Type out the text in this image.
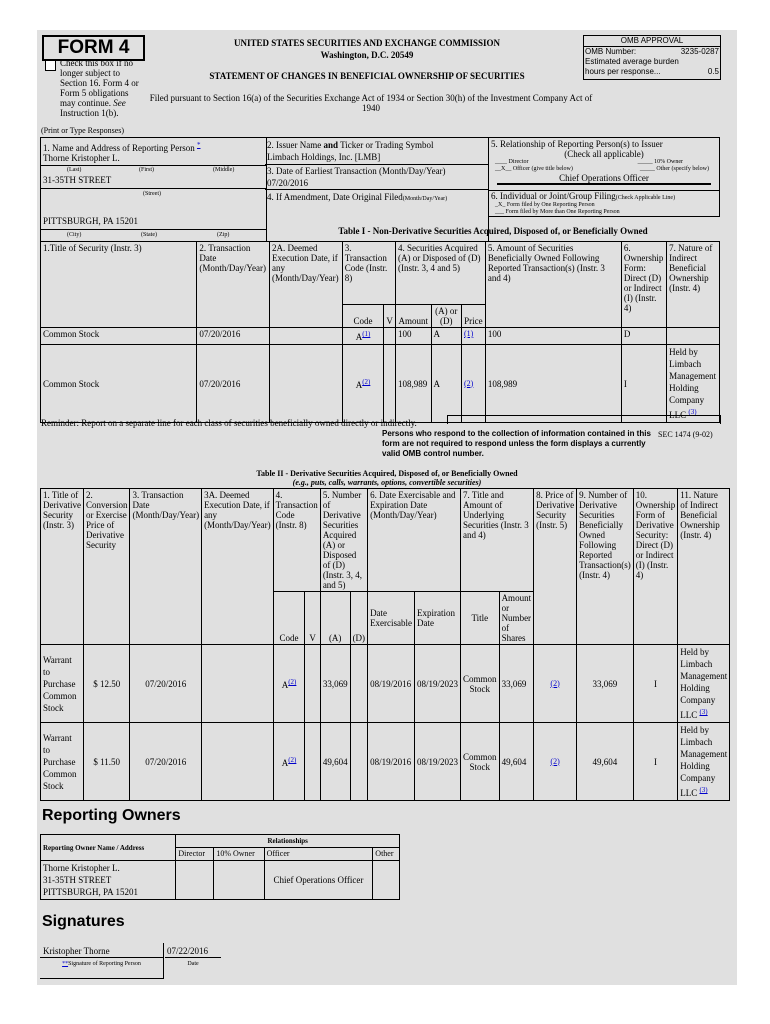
FORM 4
Check this box if no longer subject to Section 16. Form 4 or Form 5 obligations may continue. See Instruction 1(b).
UNITED STATES SECURITIES AND EXCHANGE COMMISSION
Washington, D.C. 20549
STATEMENT OF CHANGES IN BENEFICIAL OWNERSHIP OF SECURITIES
Filed pursuant to Section 16(a) of the Securities Exchange Act of 1934 or Section 30(h) of the Investment Company Act of 1940
OMB APPROVAL
OMB Number:	3235-0287
Estimated average burden
hours per response...	0.5
(Print or Type Responses)
1. Name and Address of Reporting Person *
Thorne Kristopher L.
(Last)	(First)	(Middle)
31-35TH STREET
(Street)
PITTSBURGH, PA 15201
(City)	(State)	(Zip)
2. Issuer Name and Ticker or Trading Symbol
Limbach Holdings, Inc. [LMB]
3. Date of Earliest Transaction (Month/Day/Year)
07/20/2016
4. If Amendment, Date Original Filed(Month/Day/Year)
5. Relationship of Reporting Person(s) to Issuer
(Check all applicable)
____ Director	_____ 10% Owner
__X__ Officer (give title below)	_____ Other (specify below)
Chief Operations Officer
6. Individual or Joint/Group Filing(Check Applicable Line)
_X_ Form filed by One Reporting Person
___ Form filed by More than One Reporting Person
Table I - Non-Derivative Securities Acquired, Disposed of, or Beneficially Owned
1.Title of Security (Instr. 3)	2. Transaction Date (Month/Day/Year)	2A. Deemed Execution Date, if any (Month/Day/Year)	3. Transaction Code (Instr. 8)		4. Securities Acquired (A) or Disposed of (D) (Instr. 3, 4 and 5)			5. Amount of Securities Beneficially Owned Following Reported Transaction(s) (Instr. 3 and 4)	6. Ownership Form: Direct (D) or Indirect (I) (Instr. 4)	7. Nature of Indirect Beneficial Ownership (Instr. 4)
			Code	V	Amount	(A) or (D)	Price			
Common Stock	07/20/2016		A$^{(1)}$		100	A	(1)	100	D	
Common Stock	07/20/2016		A$^{(2)}$		108,989	A	(2)	108,989	I	Held by Limbach Management Holding Company LLC $^{(3)}$
Reminder: Report on a separate line for each class of securities beneficially owned directly or indirectly.
Persons who respond to the collection of information contained in this form are not required to respond unless the form displays a currently valid OMB control number.
SEC 1474 (9-02)
Table II - Derivative Securities Acquired, Disposed of, or Beneficially Owned
(e.g., puts, calls, warrants, options, convertible securities)
1. Title of Derivative Security (Instr. 3)	2. Conversion or Exercise Price of Derivative Security	3. Transaction Date (Month/Day/Year)	3A. Deemed Execution Date, if any (Month/Day/Year)	4. Transaction Code (Instr. 8)		5. Number of Derivative Securities Acquired (A) or Disposed of (D) (Instr. 3, 4, and 5)		6. Date Exercisable and Expiration Date (Month/Day/Year)		7. Title and Amount of Underlying Securities (Instr. 3 and 4)		8. Price of Derivative Security (Instr. 5)	9. Number of Derivative Securities Beneficially Owned Following Reported Transaction(s) (Instr. 4)	10. Ownership Form of Derivative Security: Direct (D) or Indirect (I) (Instr. 4)	11. Nature of Indirect Beneficial Ownership (Instr. 4)
				Code	V	(A)	(D)	Date Exercisable	Expiration Date	Title	Amount or Number of Shares				
Warrant to Purchase Common Stock	$ 12.50	07/20/2016		A$^{(2)}$		33,069		08/19/2016	08/19/2023	Common Stock	33,069	(2)	33,069	I	Held by Limbach Management Holding Company LLC $^{(3)}$
Warrant to Purchase Common Stock	$ 11.50	07/20/2016		A$^{(2)}$		49,604		08/19/2016	08/19/2023	Common Stock	49,604	(2)	49,604	I	Held by Limbach Management Holding Company LLC $^{(3)}$
Reporting Owners
Reporting Owner Name / Address	Relationships			
	Director	10% Owner	Officer	Other

Thorne Kristopher L.
31-35TH STREET
PITTSBURGH, PA 15201			Chief Operations Officer	
Signatures
Kristopher Thorne
**Signature of Reporting Person
07/22/2016
Date
